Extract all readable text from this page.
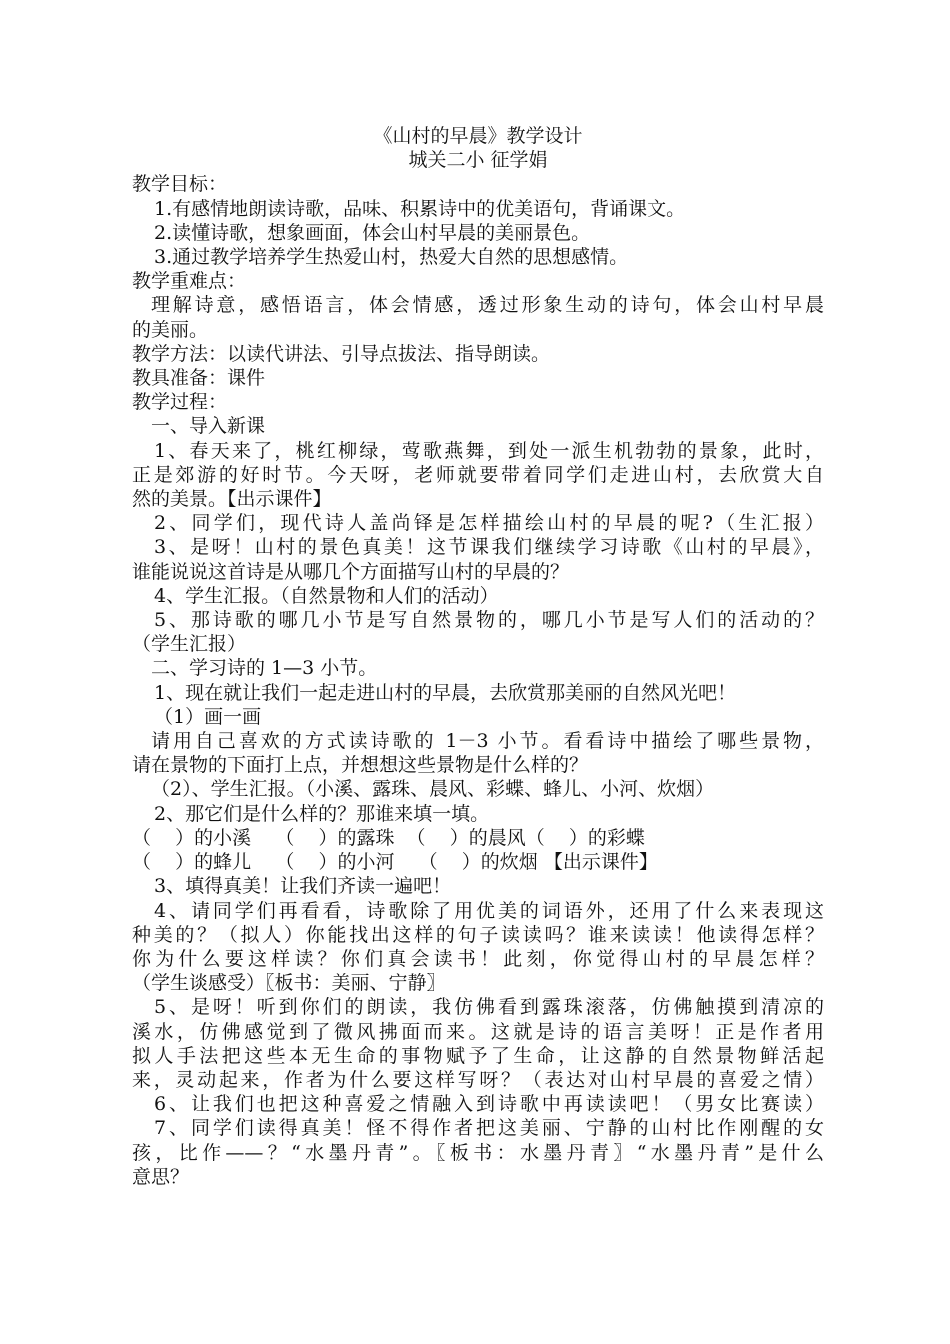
《山村的早晨》教学设计
城关二小 征学娟
教学目标：
1.有感情地朗读诗歌，品味、积累诗中的优美语句，背诵课文。
2.读懂诗歌，想象画面，体会山村早晨的美丽景色。
3.通过教学培养学生热爱山村，热爱大自然的思想感情。
教学重难点：
理解诗意，感悟语言，体会情感，透过形象生动的诗句，体会山村早晨
的美丽。
教学方法：以读代讲法、引导点拔法、指导朗读。
教具准备：课件
教学过程：
一、导入新课
1、春天来了，桃红柳绿，莺歌燕舞，到处一派生机勃勃的景象，此时，
正是郊游的好时节。今天呀，老师就要带着同学们走进山村，去欣赏大自
然的美景。【出示课件】
2、同学们，现代诗人盖尚铎是怎样描绘山村的早晨的呢?（生汇报）
3、是呀！山村的景色真美！这节课我们继续学习诗歌《山村的早晨》，
谁能说说这首诗是从哪几个方面描写山村的早晨的？
4、学生汇报。（自然景物和人们的活动）
5、那诗歌的哪几小节是写自然景物的，哪几小节是写人们的活动的？
（学生汇报）
二、学习诗的 1—3 小节。
1、现在就让我们一起走进山村的早晨，去欣赏那美丽的自然风光吧！
（1）画一画
请用自己喜欢的方式读诗歌的 1－3 小节。看看诗中描绘了哪些景物，
请在景物的下面打上点，并想想这些景物是什么样的？
（2）、学生汇报。（小溪、露珠、晨风、彩蝶、蜂儿、小河、炊烟）
2、那它们是什么样的？那谁来填一填。
（    ）的小溪    （    ）的露珠  （    ）的晨风（    ）的彩蝶
（    ）的蜂儿    （    ）的小河    （    ）的炊烟 【出示课件】
3、填得真美！让我们齐读一遍吧！
4、请同学们再看看，诗歌除了用优美的词语外，还用了什么来表现这
种美的？（拟人）你能找出这样的句子读读吗？谁来读读！他读得怎样？
你为什么要这样读？你们真会读书！此刻，你觉得山村的早晨怎样？
（学生谈感受）〖板书：美丽、宁静〗
5、是呀！听到你们的朗读，我仿佛看到露珠滚落，仿佛触摸到清凉的
溪水，仿佛感觉到了微风拂面而来。这就是诗的语言美呀！正是作者用
拟人手法把这些本无生命的事物赋予了生命，让这静的自然景物鲜活起
来，灵动起来，作者为什么要这样写呀？（表达对山村早晨的喜爱之情）
6、让我们也把这种喜爱之情融入到诗歌中再读读吧！（男女比赛读）
7、同学们读得真美！怪不得作者把这美丽、宁静的山村比作刚醒的女
孩，比作——？“水墨丹青”。〖板书：水墨丹青〗“水墨丹青”是什么
意思？
